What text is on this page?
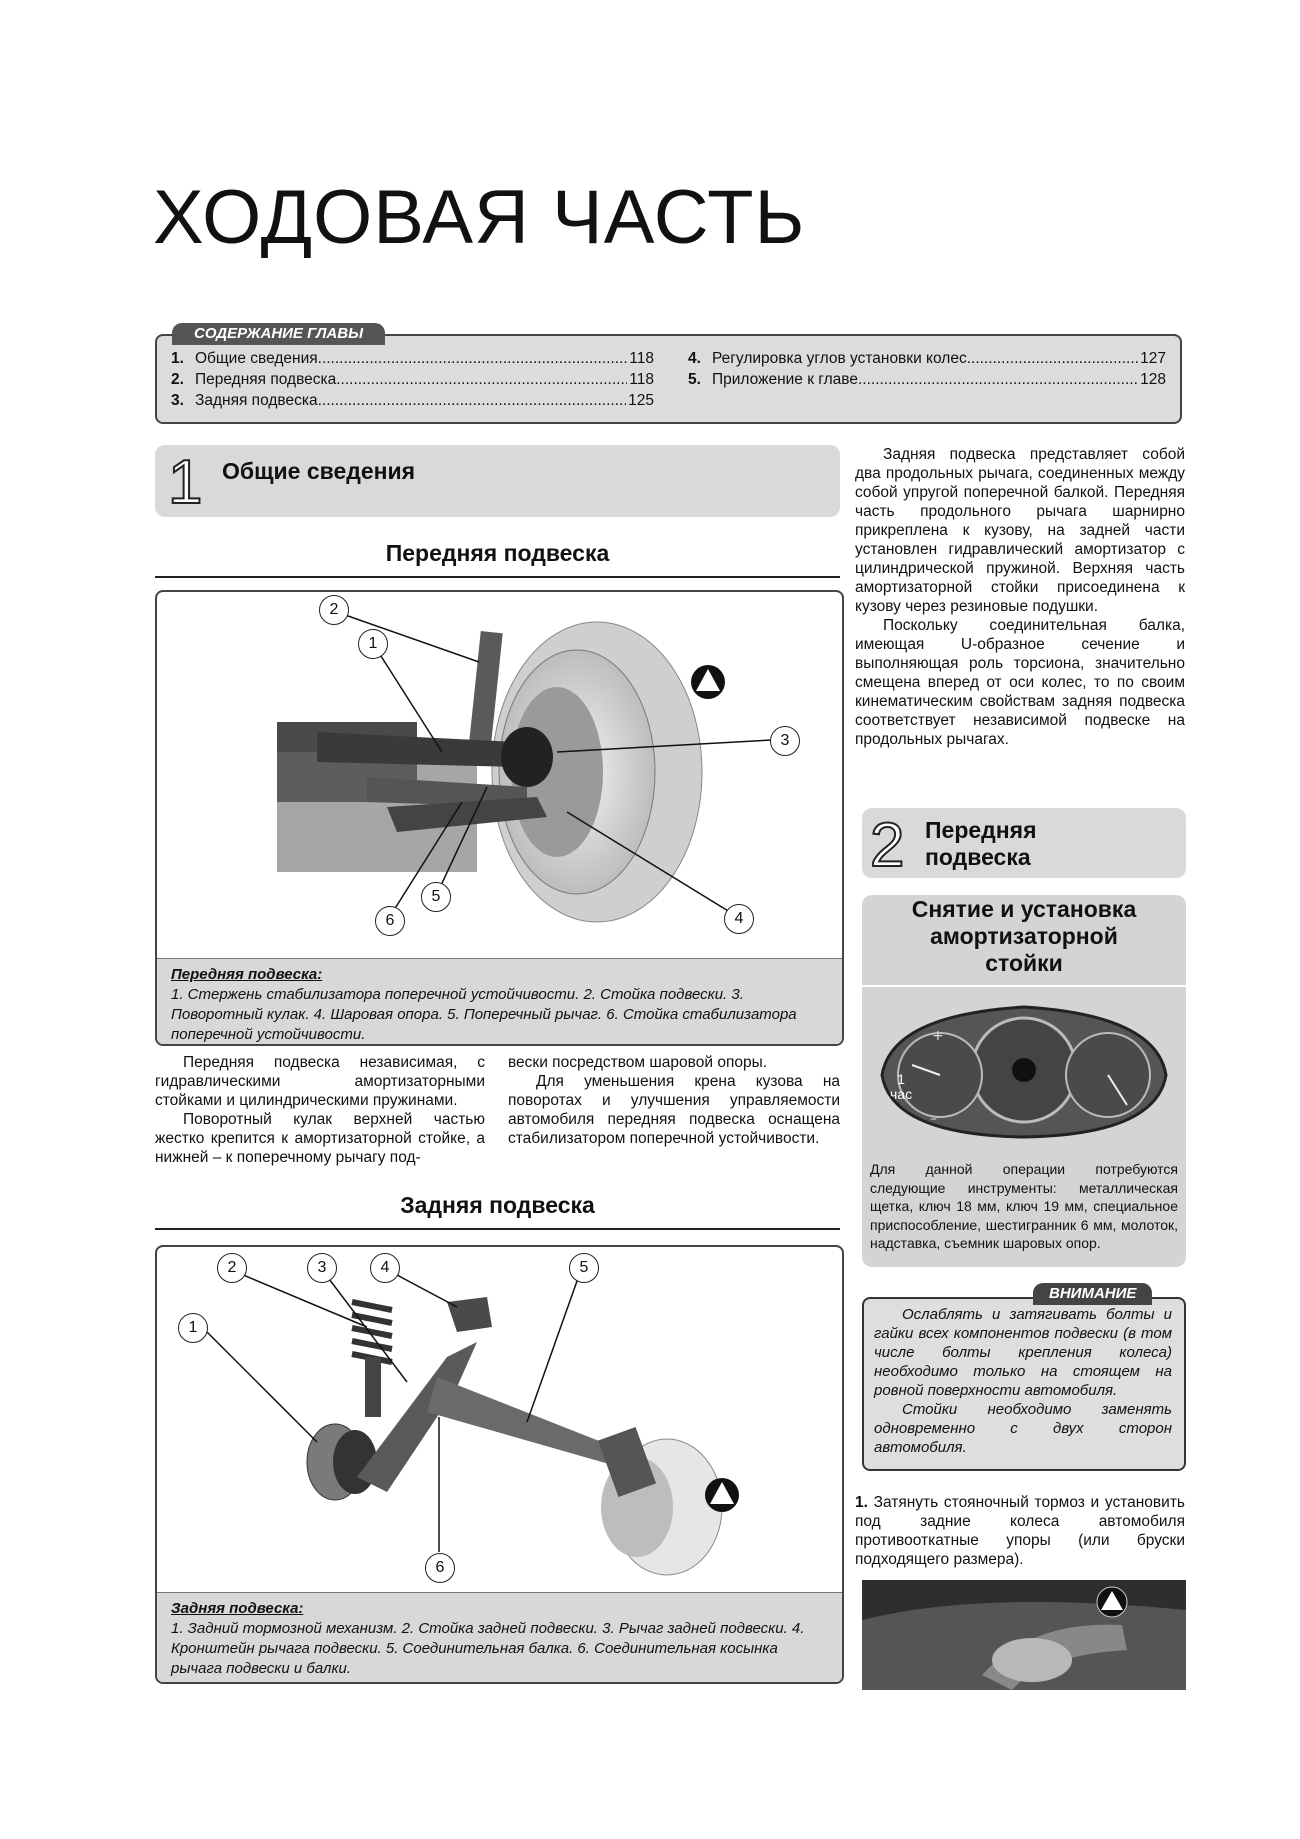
ХОДОВАЯ ЧАСТЬ
СОДЕРЖАНИЕ ГЛАВЫ
1. Общие сведения .....	118
2. Передняя подвеска .....	118
3. Задняя подвеска .....	125
4. Регулировка углов установки колес .....	127
5. Приложение к главе .....	128
1 Общие сведения
Передняя подвеска
2
1
3
6
5
4
Передняя подвеска:
1. Стержень стабилизатора поперечной устойчивости. 2. Стойка подвески. 3. Поворотный кулак. 4. Шаровая опора. 5. Поперечный рычаг. 6. Стойка стабилизатора поперечной устойчивости.

Передняя подвеска независимая, с гидравлическими амортизаторными стойками и цилиндрическими пружинами.

Поворотный кулак верхней частью жестко крепится к амортизаторной стойке, а нижней – к поперечному рычагу под-

вески посредством шаровой опоры.

Для уменьшения крена кузова на поворотах и улучшения управляемости автомобиля передняя подвеска оснащена стабилизатором поперечной устойчивости.

Задняя подвеска
2	3	4	5
1
6
Задняя подвеска:
1. Задний тормозной механизм. 2. Стойка задней подвески. 3. Рычаг задней подвески. 4. Кронштейн рычага подвески. 5. Соединительная балка. 6. Соединительная косынка рычага подвески и балки.

Задняя подвеска представляет собой два продольных рычага, соединенных между собой упругой поперечной балкой. Передняя часть продольного рычага шарнирно прикреплена к кузову, на задней части установлен гидравлический амортизатор с цилиндрической пружиной. Верхняя часть амортизаторной стойки присоединена к кузову через резиновые подушки.

Поскольку соединительная балка, имеющая U-образное сечение и выполняющая роль торсиона, значительно смещена вперед от оси колес, то по своим кинематическим свойствам задняя подвеска соответствует независимой подвеске на продольных рычагах.

2 Передняя
подвеска
Снятие и установка
амортизаторной
стойки
+
–
1
час
Для данной операции потребуются следующие инструменты: металлическая щетка, ключ 18 мм, ключ 19 мм, специальное приспособление, шестигранник 6 мм, молоток, надставка, съемник шаровых опор.
ВНИМАНИЕ

Ослаблять и затягивать болты и гайки всех компонентов подвески (в том числе болты крепления колеса) необходимо только на стоящем на ровной поверхности автомобиля.

Стойки необходимо заменять одновременно с двух сторон автомобиля.

1. Затянуть стояночный тормоз и установить под задние колеса автомобиля противооткатные упоры (или бруски подходящего размера).
